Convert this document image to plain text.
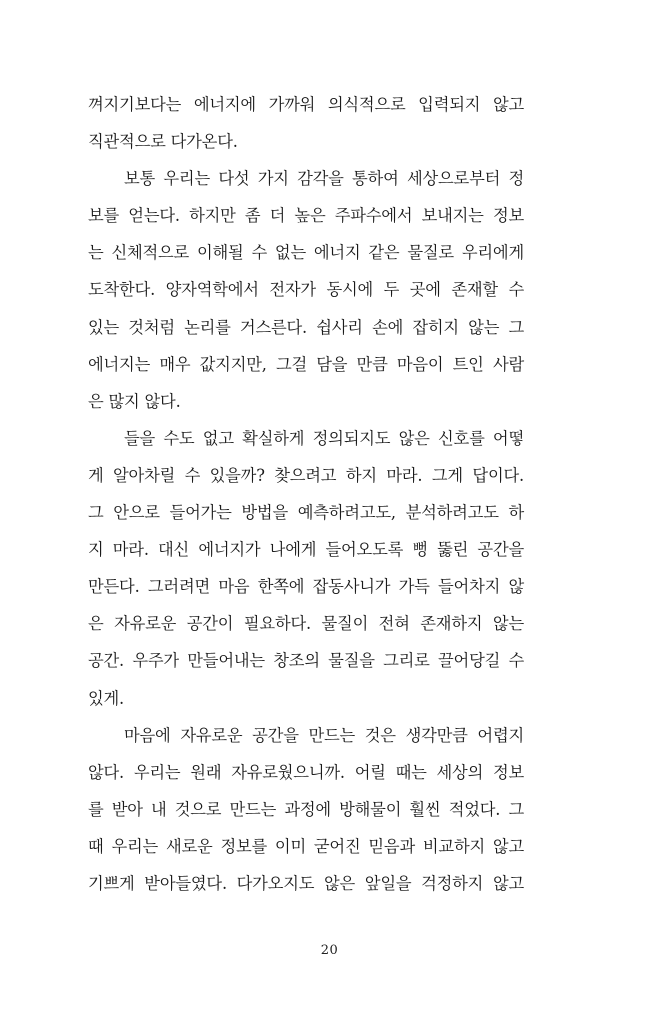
껴지기보다는 에너지에 가까워 의식적으로 입력되지 않고
직관적으로 다가온다.
보통 우리는 다섯 가지 감각을 통하여 세상으로부터 정
보를 얻는다. 하지만 좀 더 높은 주파수에서 보내지는 정보
는 신체적으로 이해될 수 없는 에너지 같은 물질로 우리에게
도착한다. 양자역학에서 전자가 동시에 두 곳에 존재할 수
있는 것처럼 논리를 거스른다. 쉽사리 손에 잡히지 않는 그
에너지는 매우 값지지만, 그걸 담을 만큼 마음이 트인 사람
은 많지 않다.
들을 수도 없고 확실하게 정의되지도 않은 신호를 어떻
게 알아차릴 수 있을까? 찾으려고 하지 마라. 그게 답이다.
그 안으로 들어가는 방법을 예측하려고도, 분석하려고도 하
지 마라. 대신 에너지가 나에게 들어오도록 뻥 뚫린 공간을
만든다. 그러려면 마음 한쪽에 잡동사니가 가득 들어차지 않
은 자유로운 공간이 필요하다. 물질이 전혀 존재하지 않는
공간. 우주가 만들어내는 창조의 물질을 그리로 끌어당길 수
있게.
마음에 자유로운 공간을 만드는 것은 생각만큼 어렵지
않다. 우리는 원래 자유로웠으니까. 어릴 때는 세상의 정보
를 받아 내 것으로 만드는 과정에 방해물이 훨씬 적었다. 그
때 우리는 새로운 정보를 이미 굳어진 믿음과 비교하지 않고
기쁘게 받아들였다. 다가오지도 않은 앞일을 걱정하지 않고
20
